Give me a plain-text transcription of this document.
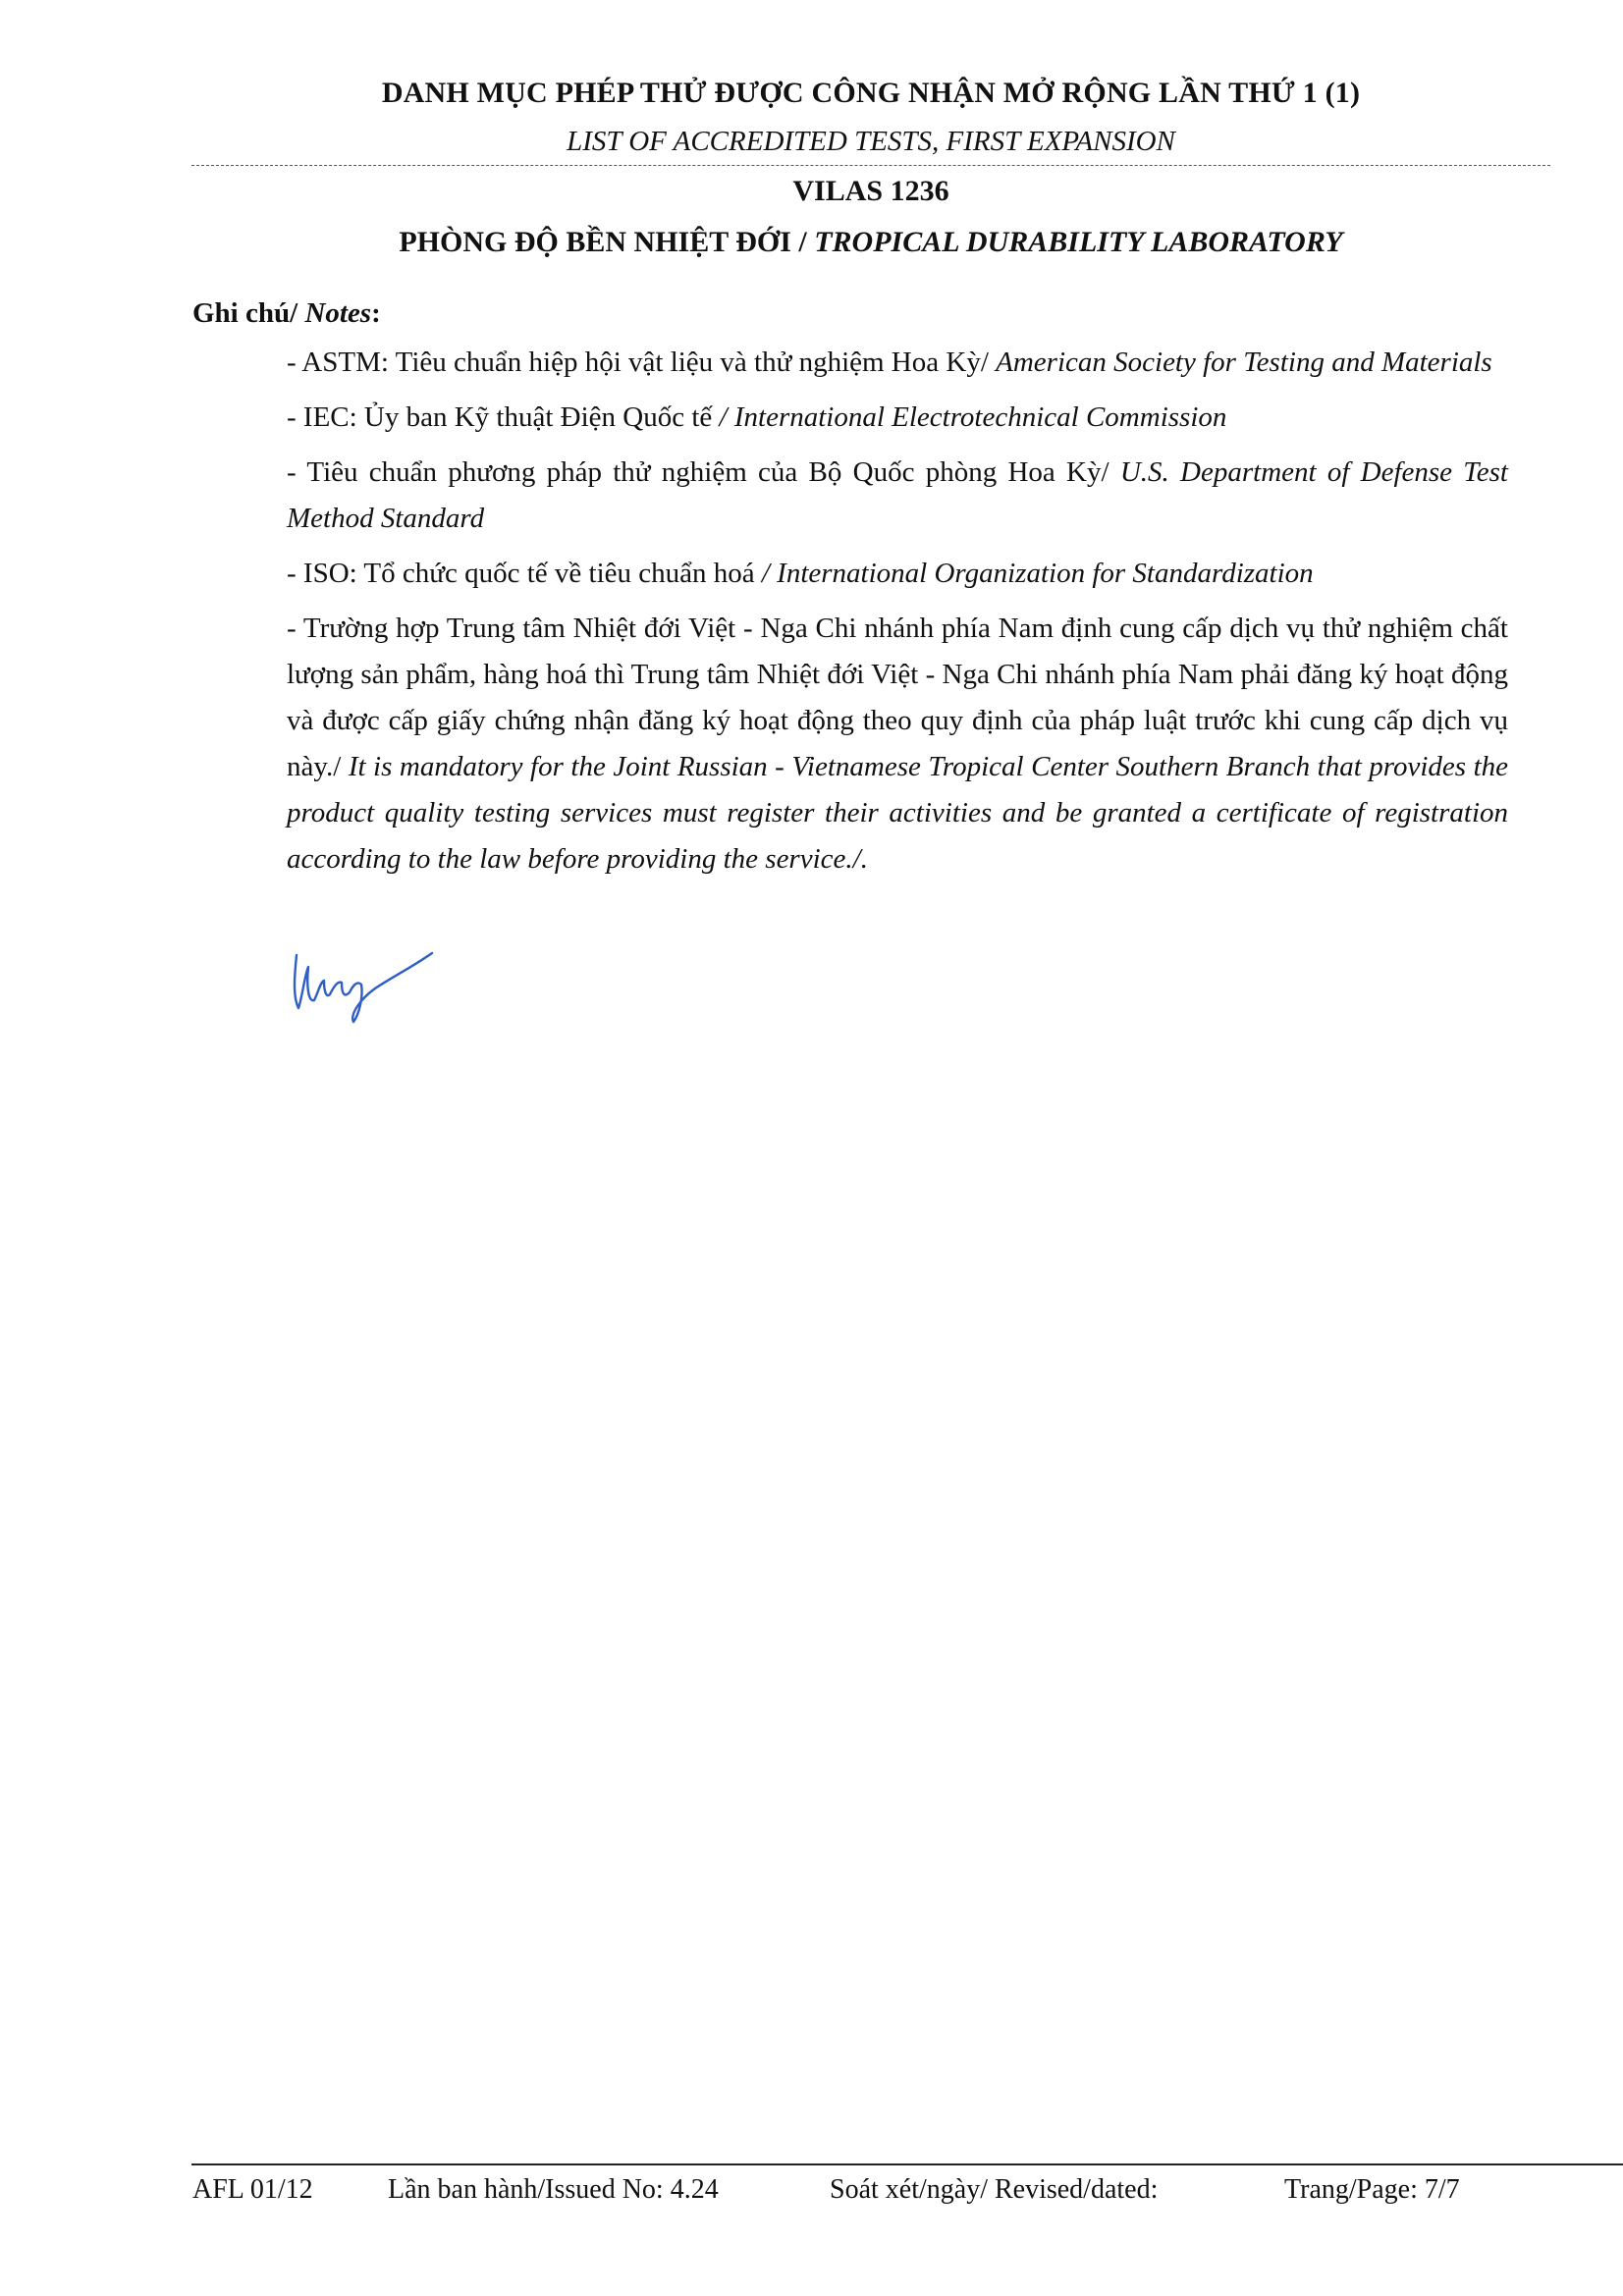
DANH MỤC PHÉP THỬ ĐƯỢC CÔNG NHẬN MỞ RỘNG LẦN THỨ 1 (1)
LIST OF ACCREDITED TESTS, FIRST EXPANSION
VILAS 1236
PHÒNG ĐỘ BỀN NHIỆT ĐỚI / TROPICAL DURABILITY LABORATORY
Ghi chú/ Notes:

- ASTM: Tiêu chuẩn hiệp hội vật liệu và thử nghiệm Hoa Kỳ/ American Society for Testing and Materials

- IEC: Ủy ban Kỹ thuật Điện Quốc tế / International Electrotechnical Commission

- Tiêu chuẩn phương pháp thử nghiệm của Bộ Quốc phòng Hoa Kỳ/ U.S. Department of Defense Test Method Standard

- ISO: Tổ chức quốc tế về tiêu chuẩn hoá / International Organization for Standardization

- Trường hợp Trung tâm Nhiệt đới Việt - Nga Chi nhánh phía Nam định cung cấp dịch vụ thử nghiệm chất lượng sản phẩm, hàng hoá thì Trung tâm Nhiệt đới Việt - Nga Chi nhánh phía Nam phải đăng ký hoạt động và được cấp giấy chứng nhận đăng ký hoạt động theo quy định của pháp luật trước khi cung cấp dịch vụ này./ It is mandatory for the Joint Russian - Vietnamese Tropical Center Southern Branch that provides the product quality testing services must register their activities and be granted a certificate of registration according to the law before providing the service./.

AFL 01/12	Lần ban hành/Issued No: 4.24	Soát xét/ngày/ Revised/dated:	Trang/Page: 7/7
